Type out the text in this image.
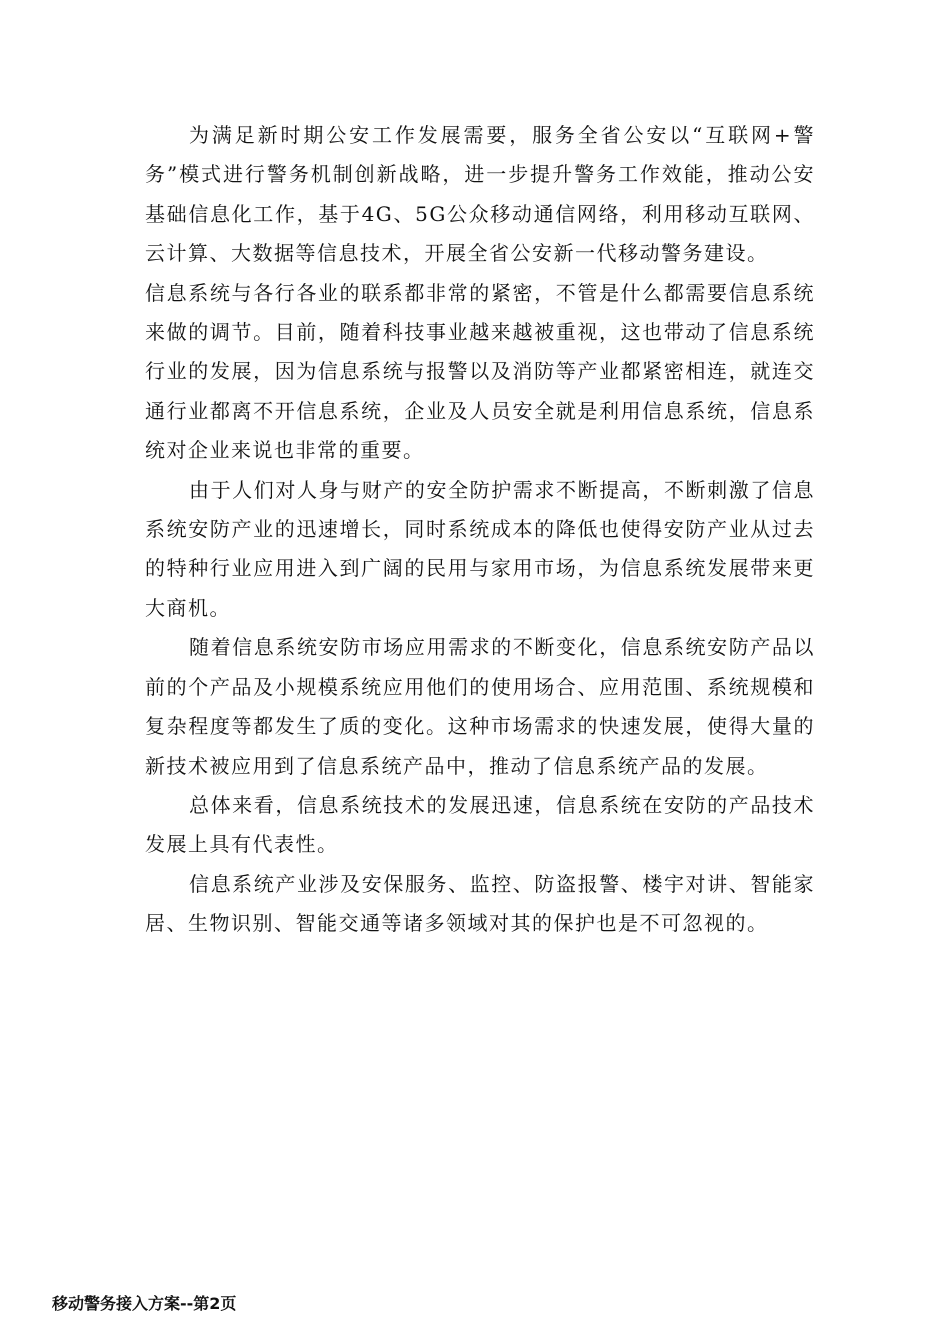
为满足新时期公安工作发展需要，服务全省公安以“互联网+警务”模式进行警务机制创新战略，进一步提升警务工作效能，推动公安基础信息化工作，基于4G、5G公众移动通信网络，利用移动互联网、云计算、大数据等信息技术，开展全省公安新一代移动警务建设。

信息系统与各行各业的联系都非常的紧密，不管是什么都需要信息系统来做的调节。目前，随着科技事业越来越被重视，这也带动了信息系统行业的发展，因为信息系统与报警以及消防等产业都紧密相连，就连交通行业都离不开信息系统，企业及人员安全就是利用信息系统，信息系统对企业来说也非常的重要。

由于人们对人身与财产的安全防护需求不断提高，不断刺激了信息系统安防产业的迅速增长，同时系统成本的降低也使得安防产业从过去的特种行业应用进入到广阔的民用与家用市场，为信息系统发展带来更大商机。

随着信息系统安防市场应用需求的不断变化，信息系统安防产品以前的个产品及小规模系统应用他们的使用场合、应用范围、系统规模和复杂程度等都发生了质的变化。这种市场需求的快速发展，使得大量的新技术被应用到了信息系统产品中，推动了信息系统产品的发展。

总体来看，信息系统技术的发展迅速，信息系统在安防的产品技术发展上具有代表性。

信息系统产业涉及安保服务、监控、防盗报警、楼宇对讲、智能家居、生物识别、智能交通等诸多领域对其的保护也是不可忽视的。

移动警务接入方案--第2页
